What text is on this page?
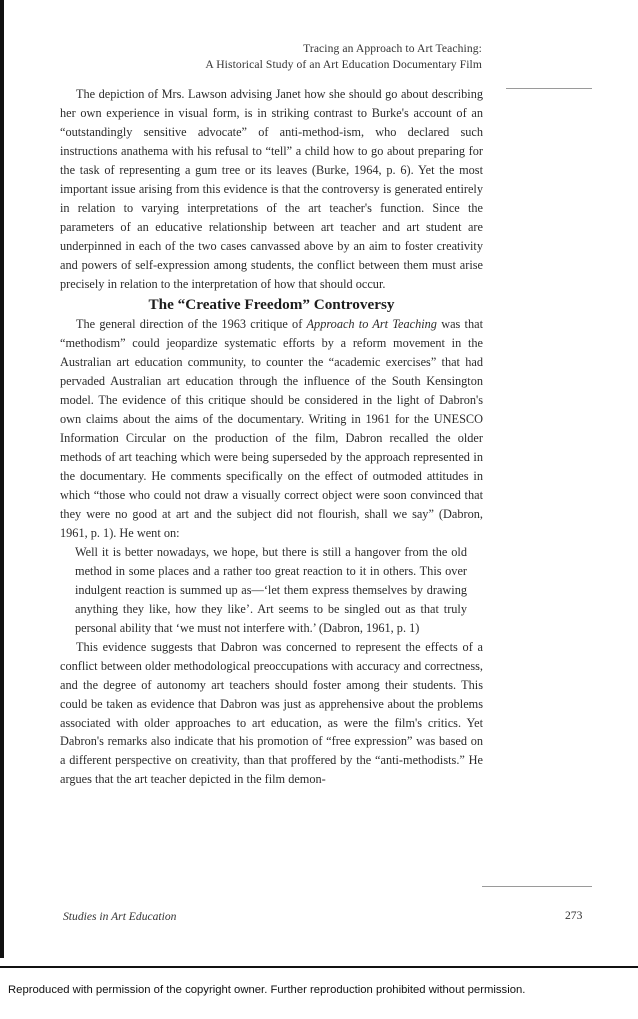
Tracing an Approach to Art Teaching:
A Historical Study of an Art Education Documentary Film

The depiction of Mrs. Lawson advising Janet how she should go about describing her own experience in visual form, is in striking contrast to Burke's account of an “outstandingly sensitive advocate” of anti-method-ism, who declared such instructions anathema with his refusal to “tell” a child how to go about preparing for the task of representing a gum tree or its leaves (Burke, 1964, p. 6). Yet the most important issue arising from this evidence is that the controversy is generated entirely in relation to varying interpretations of the art teacher's function. Since the parameters of an educative relationship between art teacher and art student are underpinned in each of the two cases canvassed above by an aim to foster creativity and powers of self-expression among students, the conflict between them must arise precisely in relation to the interpretation of how that should occur.

The “Creative Freedom” Controversy

The general direction of the 1963 critique of Approach to Art Teaching was that “methodism” could jeopardize systematic efforts by a reform movement in the Australian art education community, to counter the “academic exercises” that had pervaded Australian art education through the influence of the South Kensington model. The evidence of this critique should be considered in the light of Dabron's own claims about the aims of the documentary. Writing in 1961 for the UNESCO Information Circular on the production of the film, Dabron recalled the older methods of art teaching which were being superseded by the approach represented in the documentary. He comments specifically on the effect of outmoded attitudes in which “those who could not draw a visually correct object were soon convinced that they were no good at art and the subject did not flourish, shall we say” (Dabron, 1961, p. 1). He went on:

Well it is better nowadays, we hope, but there is still a hangover from the old method in some places and a rather too great reaction to it in others. This over indulgent reaction is summed up as—‘let them express themselves by drawing anything they like, how they like’. Art seems to be singled out as that truly personal ability that ‘we must not interfere with.’ (Dabron, 1961, p. 1)

This evidence suggests that Dabron was concerned to represent the effects of a conflict between older methodological preoccupations with accuracy and correctness, and the degree of autonomy art teachers should foster among their students. This could be taken as evidence that Dabron was just as apprehensive about the problems associated with older approaches to art education, as were the film's critics. Yet Dabron's remarks also indicate that his promotion of “free expression” was based on a different perspective on creativity, than that proffered by the “anti-methodists.” He argues that the art teacher depicted in the film demon-

Studies in Art Education	273
Reproduced with permission of the copyright owner. Further reproduction prohibited without permission.
